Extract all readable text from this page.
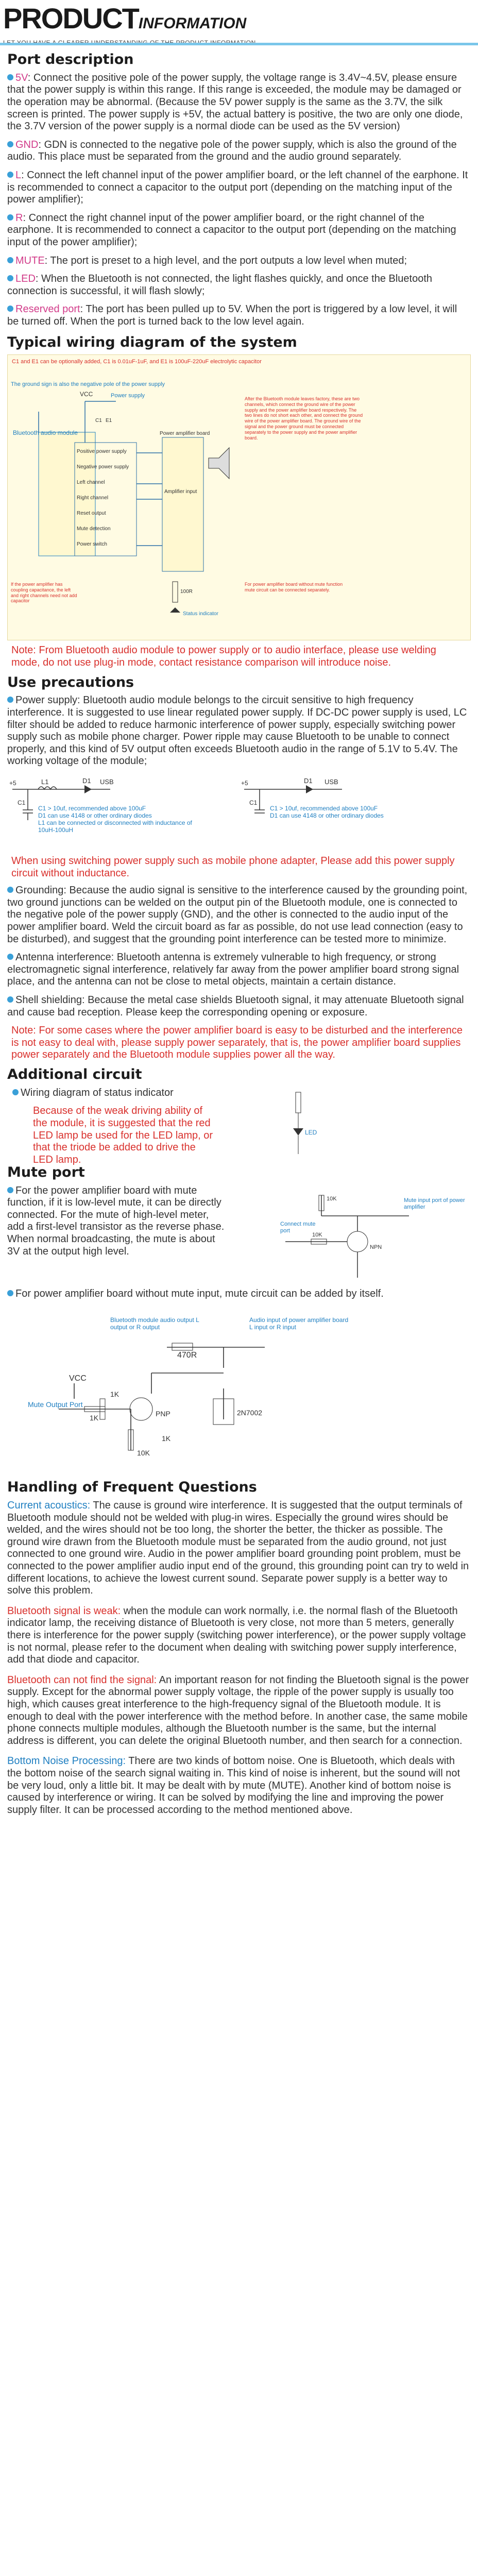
PRODUCTINFORMATION
Port description
5V: Connect the positive pole of the power supply, the voltage range is 3.4V~4.5V, please ensure that the power supply is within this range. If this range is exceeded, the module may be damaged or the operation may be abnormal. (Because the 5V power supply is the same as the 3.7V, the silk screen is printed. The power supply is +5V, the actual battery is positive, the two are only one diode, the 3.7V version of the power supply is a normal diode can be used as the 5V version)
GND: GDN is connected to the negative pole of the power supply, which is also the ground of the audio. This place must be separated from the ground and the audio ground separately.
L: Connect the left channel input of the power amplifier board, or the left channel of the earphone. It is recommended to connect a capacitor to the output port (depending on the matching input of the power amplifier);
R: Connect the right channel input of the power amplifier board, or the right channel of the earphone. It is recommended to connect a capacitor to the output port (depending on the matching input of the power amplifier);
MUTE: The port is preset to a high level, and the port outputs a low level when muted;
LED: When the Bluetooth is not connected, the light flashes quickly, and once the Bluetooth connection is successful, it will flash slowly;
Reserved port: The port has been pulled up to 5V. When the port is triggered by a low level, it will be turned off. When the port is turned back to the low level again.
Typical wiring diagram of the system
C1 and E1 can be optionally added, C1 is 0.01uF-1uF, and E1 is 100uF-220uF electrolytic capacitor
The ground sign is also the negative pole of the power supply
Bluetooth audio module
Positive power supply
Negative power supply
Left channel
Right channel
Reset output
Mute detection
Power switch
VCC	Power supply
C1 E1
Power amplifier board
Amplifier input
100R
Status indicator
After the Bluetooth module leaves factory, these are two channels, which connect the ground wire of the power supply and the power amplifier board respectively. The two lines do not short each other, and connect the ground wire of the power amplifier board. The ground wire of the signal and the power ground must be connected separately to the power supply and the power amplifier board.
If the power amplifier has coupling capacitance, the left and right channels need not add capacitor
For power amplifier board without mute function mute circuit can be connected separately.
Note: From Bluetooth audio module to power supply or to audio interface, please use welding mode, do not use plug-in mode, contact resistance comparison will introduce noise.
Use precautions
Power supply: Bluetooth audio module belongs to the circuit sensitive to high frequency interference. It is suggested to use linear regulated power supply. If DC-DC power supply is used, LC filter should be added to reduce harmonic interference of power supply, especially switching power supply such as mobile phone charger. Power ripple may cause Bluetooth to be unable to connect properly, and this kind of 5V output often exceeds Bluetooth audio in the range of 5.1V to 5.4V. The working voltage of the module;
+5	L1	D1 USB
C1
C1 > 10uf, recommended above 100uF
D1 can use 4148 or other ordinary diodes
L1 can be connected or disconnected with inductance of 10uH-100uH
+5	D1 USB
C1
C1 > 10uf, recommended above 100uF
D1 can use 4148 or other ordinary diodes
When using switching power supply such as mobile phone adapter, Please add this power supply circuit without inductance.
Grounding: Because the audio signal is sensitive to the interference caused by the grounding point, two ground junctions can be welded on the output pin of the Bluetooth module, one is connected to the negative pole of the power supply (GND), and the other is connected to the audio input of the power amplifier board. Weld the circuit board as far as possible, do not use lead connection (easy to be disturbed), and suggest that the grounding point interference can be tested more to minimize.
Antenna interference: Bluetooth antenna is extremely vulnerable to high frequency, or strong electromagnetic signal interference, relatively far away from the power amplifier board strong signal place, and the antenna can not be close to metal objects, maintain a certain distance.
Shell shielding: Because the metal case shields Bluetooth signal, it may attenuate Bluetooth signal and cause bad reception. Please keep the corresponding opening or exposure.
Note: For some cases where the power amplifier board is easy to be disturbed and the interference is not easy to deal with, please supply power separately, that is, the power amplifier board supplies power separately and the Bluetooth module supplies power all the way.
Additional circuit
Wiring diagram of status indicator
Because of the weak driving ability of the module, it is suggested that the red LED lamp be used for the LED lamp, or that the triode be added to drive the LED lamp.
LED
Mute port
For the power amplifier board with mute function, if it is low-level mute, it can be directly connected. For the mute of high-level meter, add a first-level transistor as the reverse phase. When normal broadcasting, the mute is about 3V at the output high level.
10K
10K
NPN
Mute input port of power amplifier
Connect mute port
For power amplifier board without mute input, mute circuit can be added by itself.
470R
VCC
1K
1K
1K
10K
PNP	2N7002
Mute Output Port
Bluetooth module audio output L output or R output
Audio input of power amplifier board L input or R input
Handling of Frequent Questions

Current acoustics: The cause is ground wire interference. It is suggested that the output terminals of Bluetooth module should not be welded with plug-in wires. Especially the ground wires should be welded, and the wires should not be too long, the shorter the better, the thicker as possible. The ground wire drawn from the Bluetooth module must be separated from the audio ground, not just connected to one ground wire. Audio in the power amplifier board grounding point problem, must be connected to the power amplifier audio input end of the ground, this grounding point can try to weld in different locations, to achieve the lowest current sound. Separate power supply is a better way to solve this problem.

Bluetooth signal is weak: when the module can work normally, i.e. the normal flash of the Bluetooth indicator lamp, the receiving distance of Bluetooth is very close, not more than 5 meters, generally there is interference for the power supply (switching power interference), or the power supply voltage is not normal, please refer to the document when dealing with switching power supply interference, add that diode and capacitor.

Bluetooth can not find the signal: An important reason for not finding the Bluetooth signal is the power supply. Except for the abnormal power supply voltage, the ripple of the power supply is usually too high, which causes great interference to the high-frequency signal of the Bluetooth module. It is enough to deal with the power interference with the method before. In another case, the same mobile phone connects multiple modules, although the Bluetooth number is the same, but the internal address is different, you can delete the original Bluetooth number, and then search for a connection.

Bottom Noise Processing: There are two kinds of bottom noise. One is Bluetooth, which deals with the bottom noise of the search signal waiting in. This kind of noise is inherent, but the sound will not be very loud, only a little bit. It may be dealt with by mute (MUTE). Another kind of bottom noise is caused by interference or wiring. It can be solved by modifying the line and improving the power supply filter. It can be processed according to the method mentioned above.
